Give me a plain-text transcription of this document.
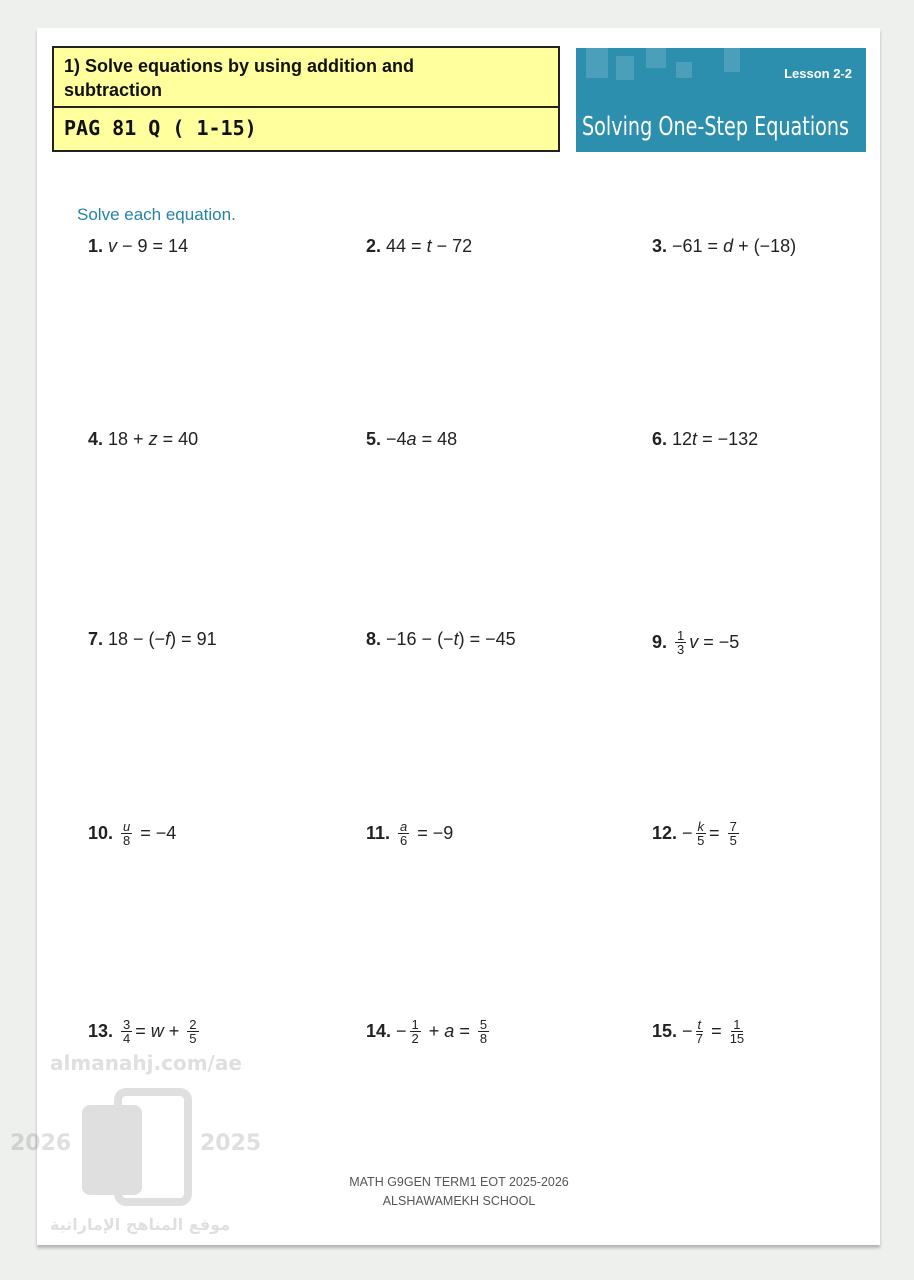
1) Solve equations by using addition and
subtraction
PAG 81 Q ( 1-15)
Lesson 2-2
Solving One-Step Equations
Solve each equation.
1. v − 9 = 14	2. 44 = t − 72	3. −61 = d + (−18)
4. 18 + z = 40	5. −4 a = 48	6. 12 t = −132
7. 18 − (− f ) = 91	8. −16 − (− t ) = −45	9. $\frac{1}{3}$ v = −5
10. $\frac{u}{8} = -4$	11. $\frac{a}{6} = -9$	12. − $\frac{k}{5} = \frac{7}{5}$
13. $\frac{3}{4} = w + \frac{2}{5}$	14. − $\frac{1}{2} + a = \frac{5}{8}$	15. − $\frac{t}{7} = \frac{1}{15}$
2026	2025
almanahj.com/ae
موقع المناهج الإماراتية
MATH G9GEN TERM1 EOT 2025-2026
ALSHAWAMEKH SCHOOL
